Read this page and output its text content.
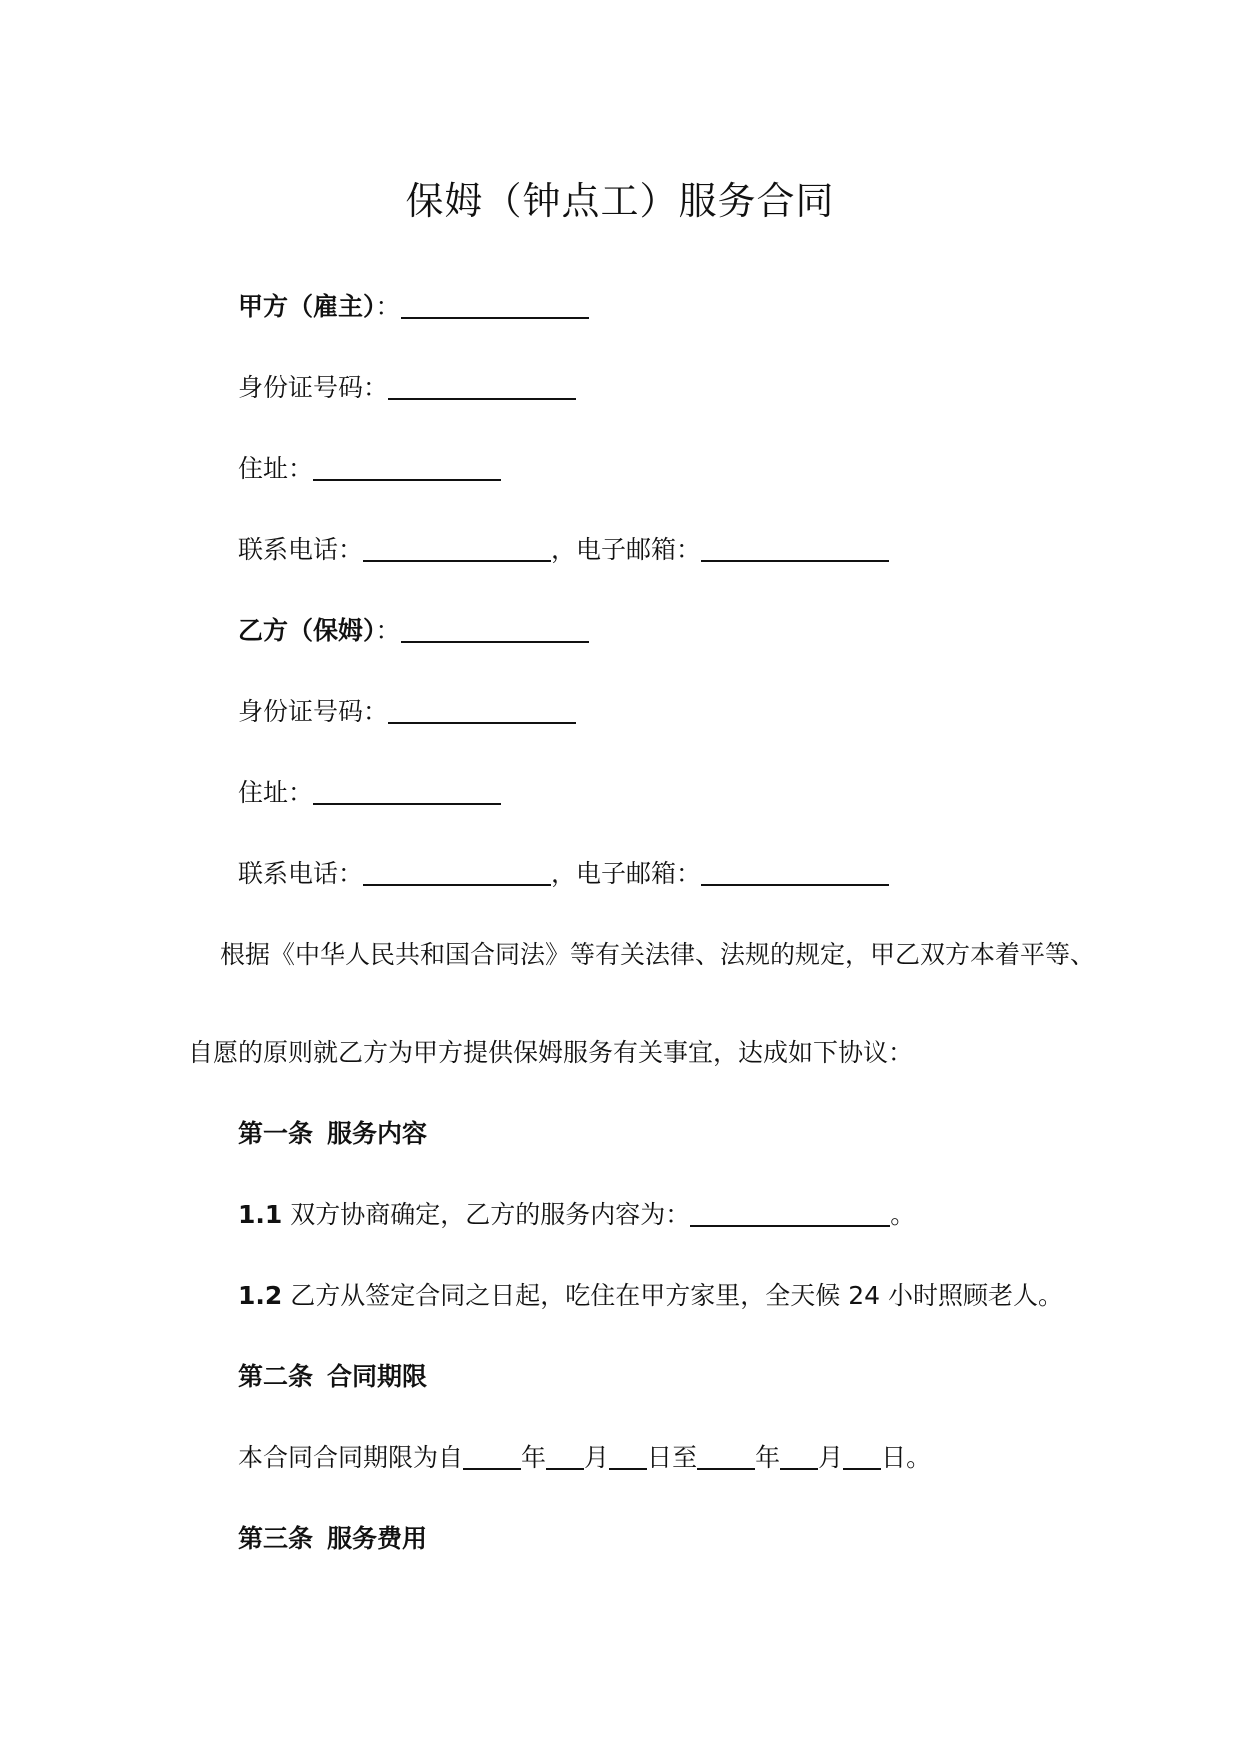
保姆（钟点工）服务合同
甲方（雇主）：
身份证号码：
住址：
联系电话：	，电子邮箱：
乙方（保姆）：
身份证号码：
住址：
联系电话：	，电子邮箱：
根据《中华人民共和国合同法》等有关法律、法规的规定，甲乙双方本着平等、
自愿的原则就乙方为甲方提供保姆服务有关事宜，达成如下协议：
第一条 服务内容
1.1 双方协商确定，乙方的服务内容为：	。
1.2 乙方从签定合同之日起，吃住在甲方家里，全天候 24 小时照顾老人。
第二条 合同期限
本合同合同期限为自 年 月 日至 年 月 日。
第三条 服务费用
